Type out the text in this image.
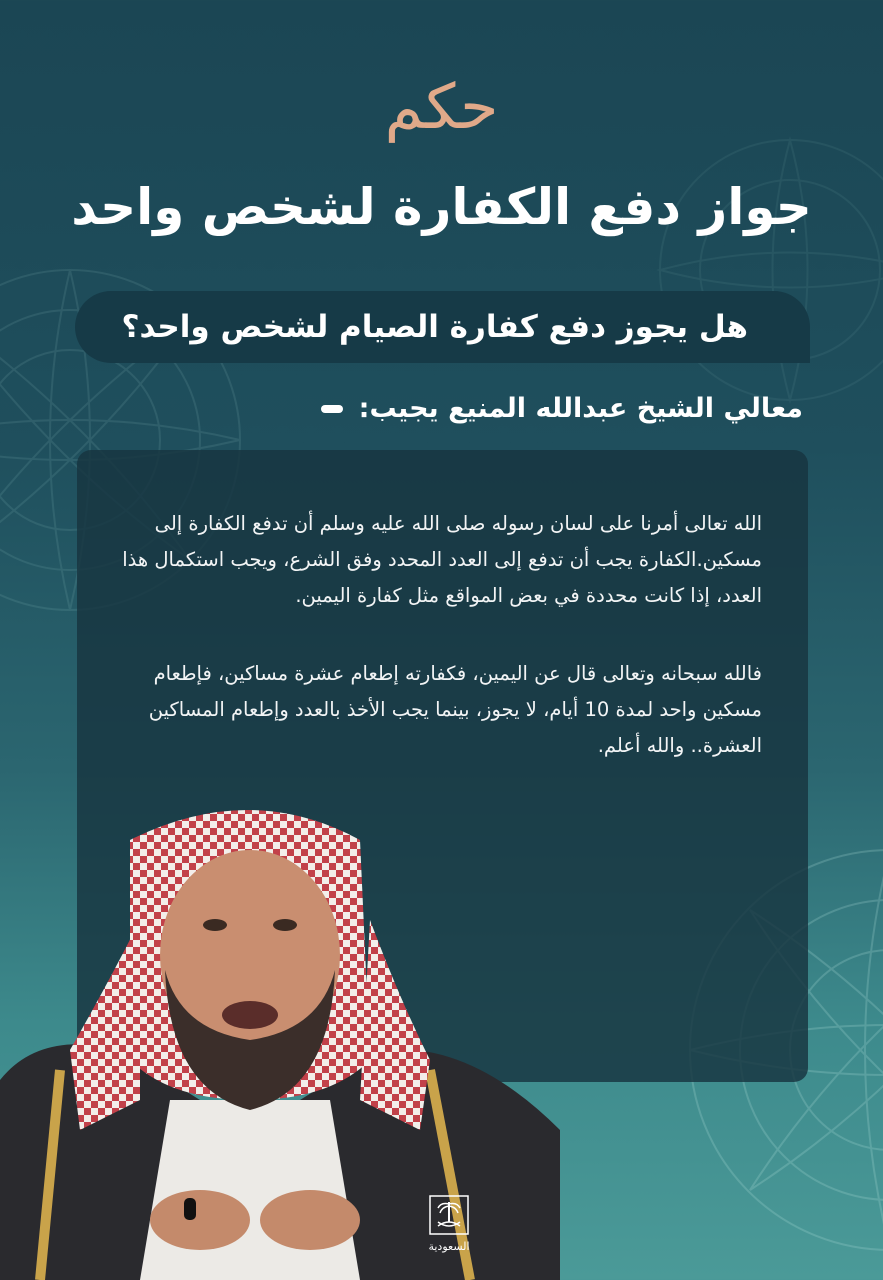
حكم
جواز دفع الكفارة لشخص واحد
هل يجوز دفع كفارة الصيام لشخص واحد؟
معالي الشيخ عبدالله المنيع يجيب:

الله تعالى أمرنا على لسان رسوله صلى الله عليه وسلم أن تدفع الكفارة إلى مسكين.الكفارة يجب أن تدفع إلى العدد المحدد وفق الشرع، ويجب استكمال هذا العدد، إذا كانت محددة في بعض المواقع مثل كفارة اليمين.

فالله سبحانه وتعالى قال عن اليمين، فكفارته إطعام عشرة مساكين، فإطعام مسكين واحد لمدة 10 أيام، لا يجوز، بينما يجب الأخذ بالعدد وإطعام المساكين العشرة.. والله أعلم.

السعودية
